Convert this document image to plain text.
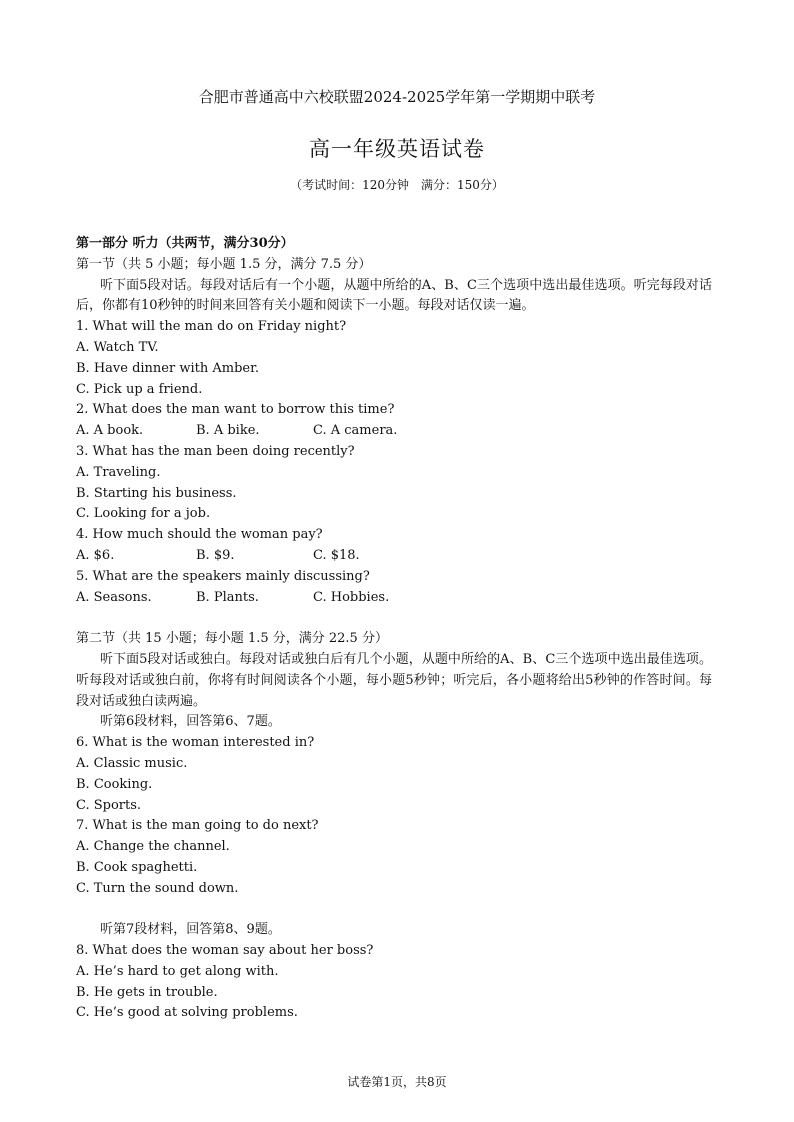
合肥市普通高中六校联盟2024-2025学年第一学期期中联考
高一年级英语试卷
（考试时间：120分钟　满分：150分）
第一部分 听力（共两节，满分30分）
第一节（共 5 小题；每小题 1.5 分，满分 7.5 分）
听下面5段对话。每段对话后有一个小题，从题中所给的A、B、C三个选项中选出最佳选项。听完每段对话后，你都有10秒钟的时间来回答有关小题和阅读下一小题。每段对话仅读一遍。
1. What will the man do on Friday night?
A. Watch TV.
B. Have dinner with Amber.
C. Pick up a friend.
2. What does the man want to borrow this time?
A. A book.	B. A bike.	C. A camera.
3. What has the man been doing recently?
A. Traveling.
B. Starting his business.
C. Looking for a job.
4. How much should the woman pay?
A. $6.	B. $9.	C. $18.
5. What are the speakers mainly discussing?
A. Seasons.	B. Plants.	C. Hobbies.
第二节（共 15 小题；每小题 1.5 分，满分 22.5 分）
听下面5段对话或独白。每段对话或独白后有几个小题，从题中所给的A、B、C三个选项中选出最佳选项。听每段对话或独白前，你将有时间阅读各个小题，每小题5秒钟；听完后，各小题将给出5秒钟的作答时间。每段对话或独白读两遍。
听第6段材料，回答第6、7题。
6. What is the woman interested in?
A. Classic music.
B. Cooking.
C. Sports.
7. What is the man going to do next?
A. Change the channel.
B. Cook spaghetti.
C. Turn the sound down.
听第7段材料，回答第8、9题。
8. What does the woman say about her boss?
A. He’s hard to get along with.
B. He gets in trouble.
C. He’s good at solving problems.
试卷第1页，共8页
